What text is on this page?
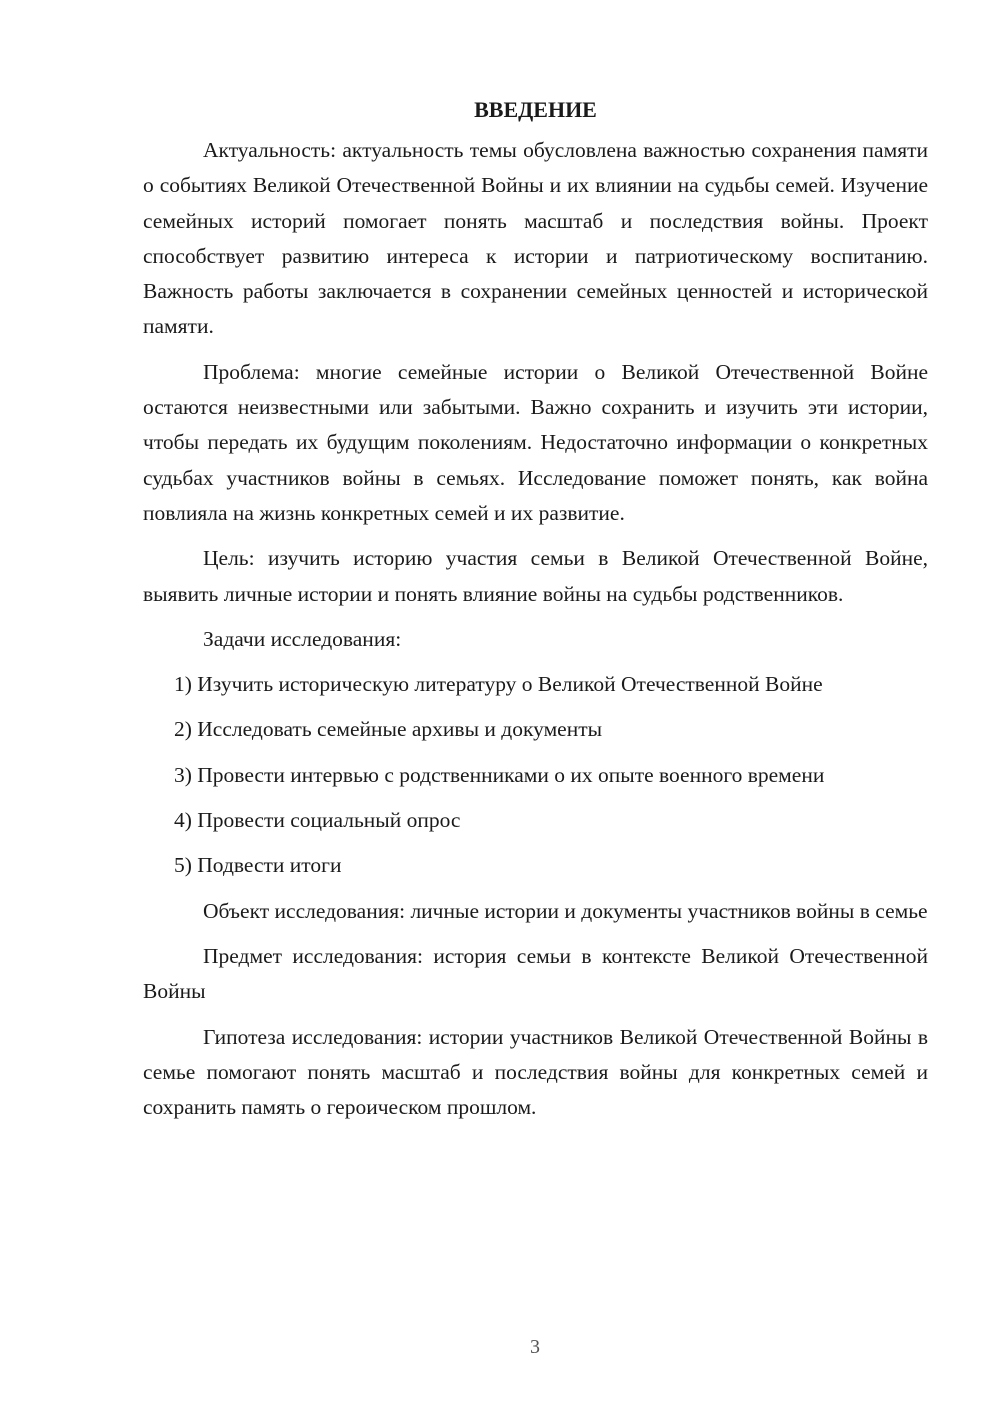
ВВЕДЕНИЕ

Актуальность: актуальность темы обусловлена важностью сохранения памяти о событиях Великой Отечественной Войны и их влиянии на судьбы семей. Изучение семейных историй помогает понять масштаб и последствия войны. Проект способствует развитию интереса к истории и патриотическому воспитанию. Важность работы заключается в сохранении семейных ценностей и исторической памяти.

Проблема: многие семейные истории о Великой Отечественной Войне остаются неизвестными или забытыми. Важно сохранить и изучить эти истории, чтобы передать их будущим поколениям. Недостаточно информации о конкретных судьбах участников войны в семьях. Исследование поможет понять, как война повлияла на жизнь конкретных семей и их развитие.

Цель: изучить историю участия семьи в Великой Отечественной Войне, выявить личные истории и понять влияние войны на судьбы родственников.

Задачи исследования:

1) Изучить историческую литературу о Великой Отечественной Войне

2) Исследовать семейные архивы и документы

3) Провести интервью с родственниками о их опыте военного времени

4) Провести социальный опрос

5) Подвести итоги

Объект исследования: личные истории и документы участников войны в семье

Предмет исследования: история семьи в контексте Великой Отечественной Войны

Гипотеза исследования: истории участников Великой Отечественной Войны в семье помогают понять масштаб и последствия войны для конкретных семей и сохранить память о героическом прошлом.

3
